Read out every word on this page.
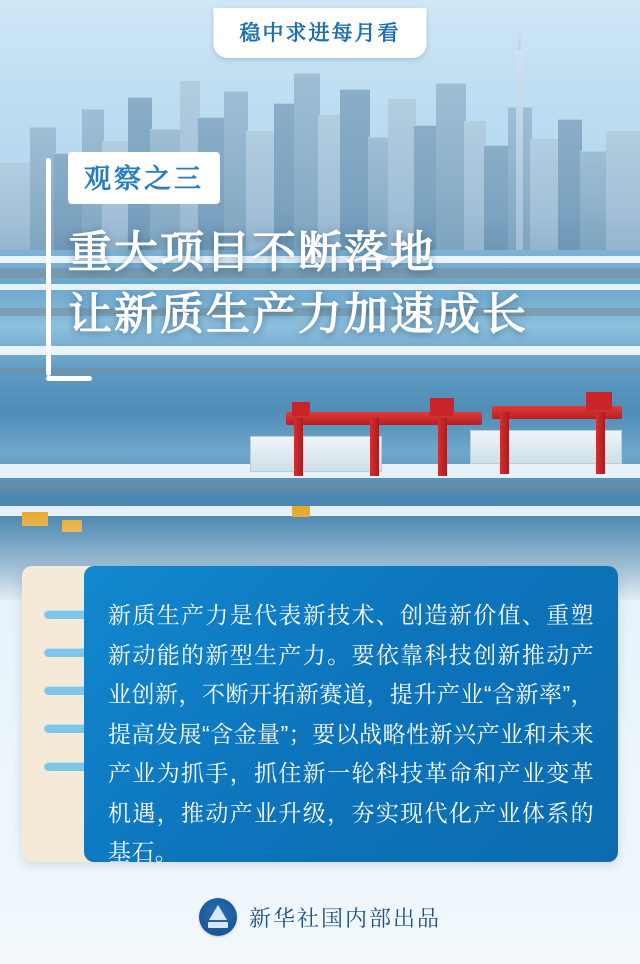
稳中求进每月看
观察之三
重大项目不断落地
让新质生产力加速成长
新质生产力是代表新技术、创造新价值、重塑新动能的新型生产力。要依靠科技创新推动产业创新，不断开拓新赛道，提升产业“含新率”，提高发展“含金量”；要以战略性新兴产业和未来产业为抓手，抓住新一轮科技革命和产业变革机遇，推动产业升级，夯实现代化产业体系的基石。
新华社国内部出品
